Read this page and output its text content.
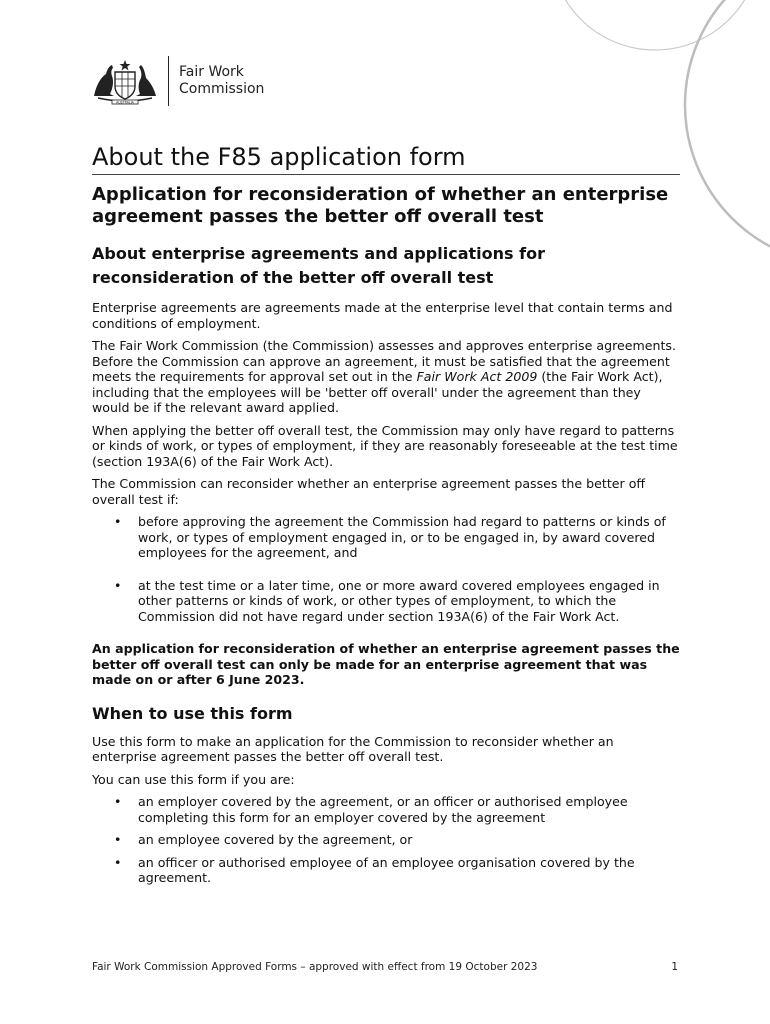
AUSTRALIA
Fair Work
Commission
About the F85 application form
Application for reconsideration of whether an enterprise agreement passes the better off overall test
About enterprise agreements and applications for reconsideration of the better off overall test

Enterprise agreements are agreements made at the enterprise level that contain terms and conditions of employment.

The Fair Work Commission (the Commission) assesses and approves enterprise agreements. Before the Commission can approve an agreement, it must be satisfied that the agreement meets the requirements for approval set out in the Fair Work Act 2009 (the Fair Work Act), including that the employees will be 'better off overall' under the agreement than they would be if the relevant award applied.

When applying the better off overall test, the Commission may only have regard to patterns or kinds of work, or types of employment, if they are reasonably foreseeable at the test time (section 193A(6) of the Fair Work Act).

The Commission can reconsider whether an enterprise agreement passes the better off overall test if:

• before approving the agreement the Commission had regard to patterns or kinds of work, or types of employment engaged in, or to be engaged in, by award covered employees for the agreement, and
• at the test time or a later time, one or more award covered employees engaged in other patterns or kinds of work, or other types of employment, to which the Commission did not have regard under section 193A(6) of the Fair Work Act.

An application for reconsideration of whether an enterprise agreement passes the better off overall test can only be made for an enterprise agreement that was made on or after 6 June 2023.

When to use this form

Use this form to make an application for the Commission to reconsider whether an enterprise agreement passes the better off overall test.

You can use this form if you are:

• an employer covered by the agreement, or an officer or authorised employee completing this form for an employer covered by the agreement
• an employee covered by the agreement, or
• an officer or authorised employee of an employee organisation covered by the agreement.
Fair Work Commission Approved Forms – approved with effect from 19 October 2023	1
